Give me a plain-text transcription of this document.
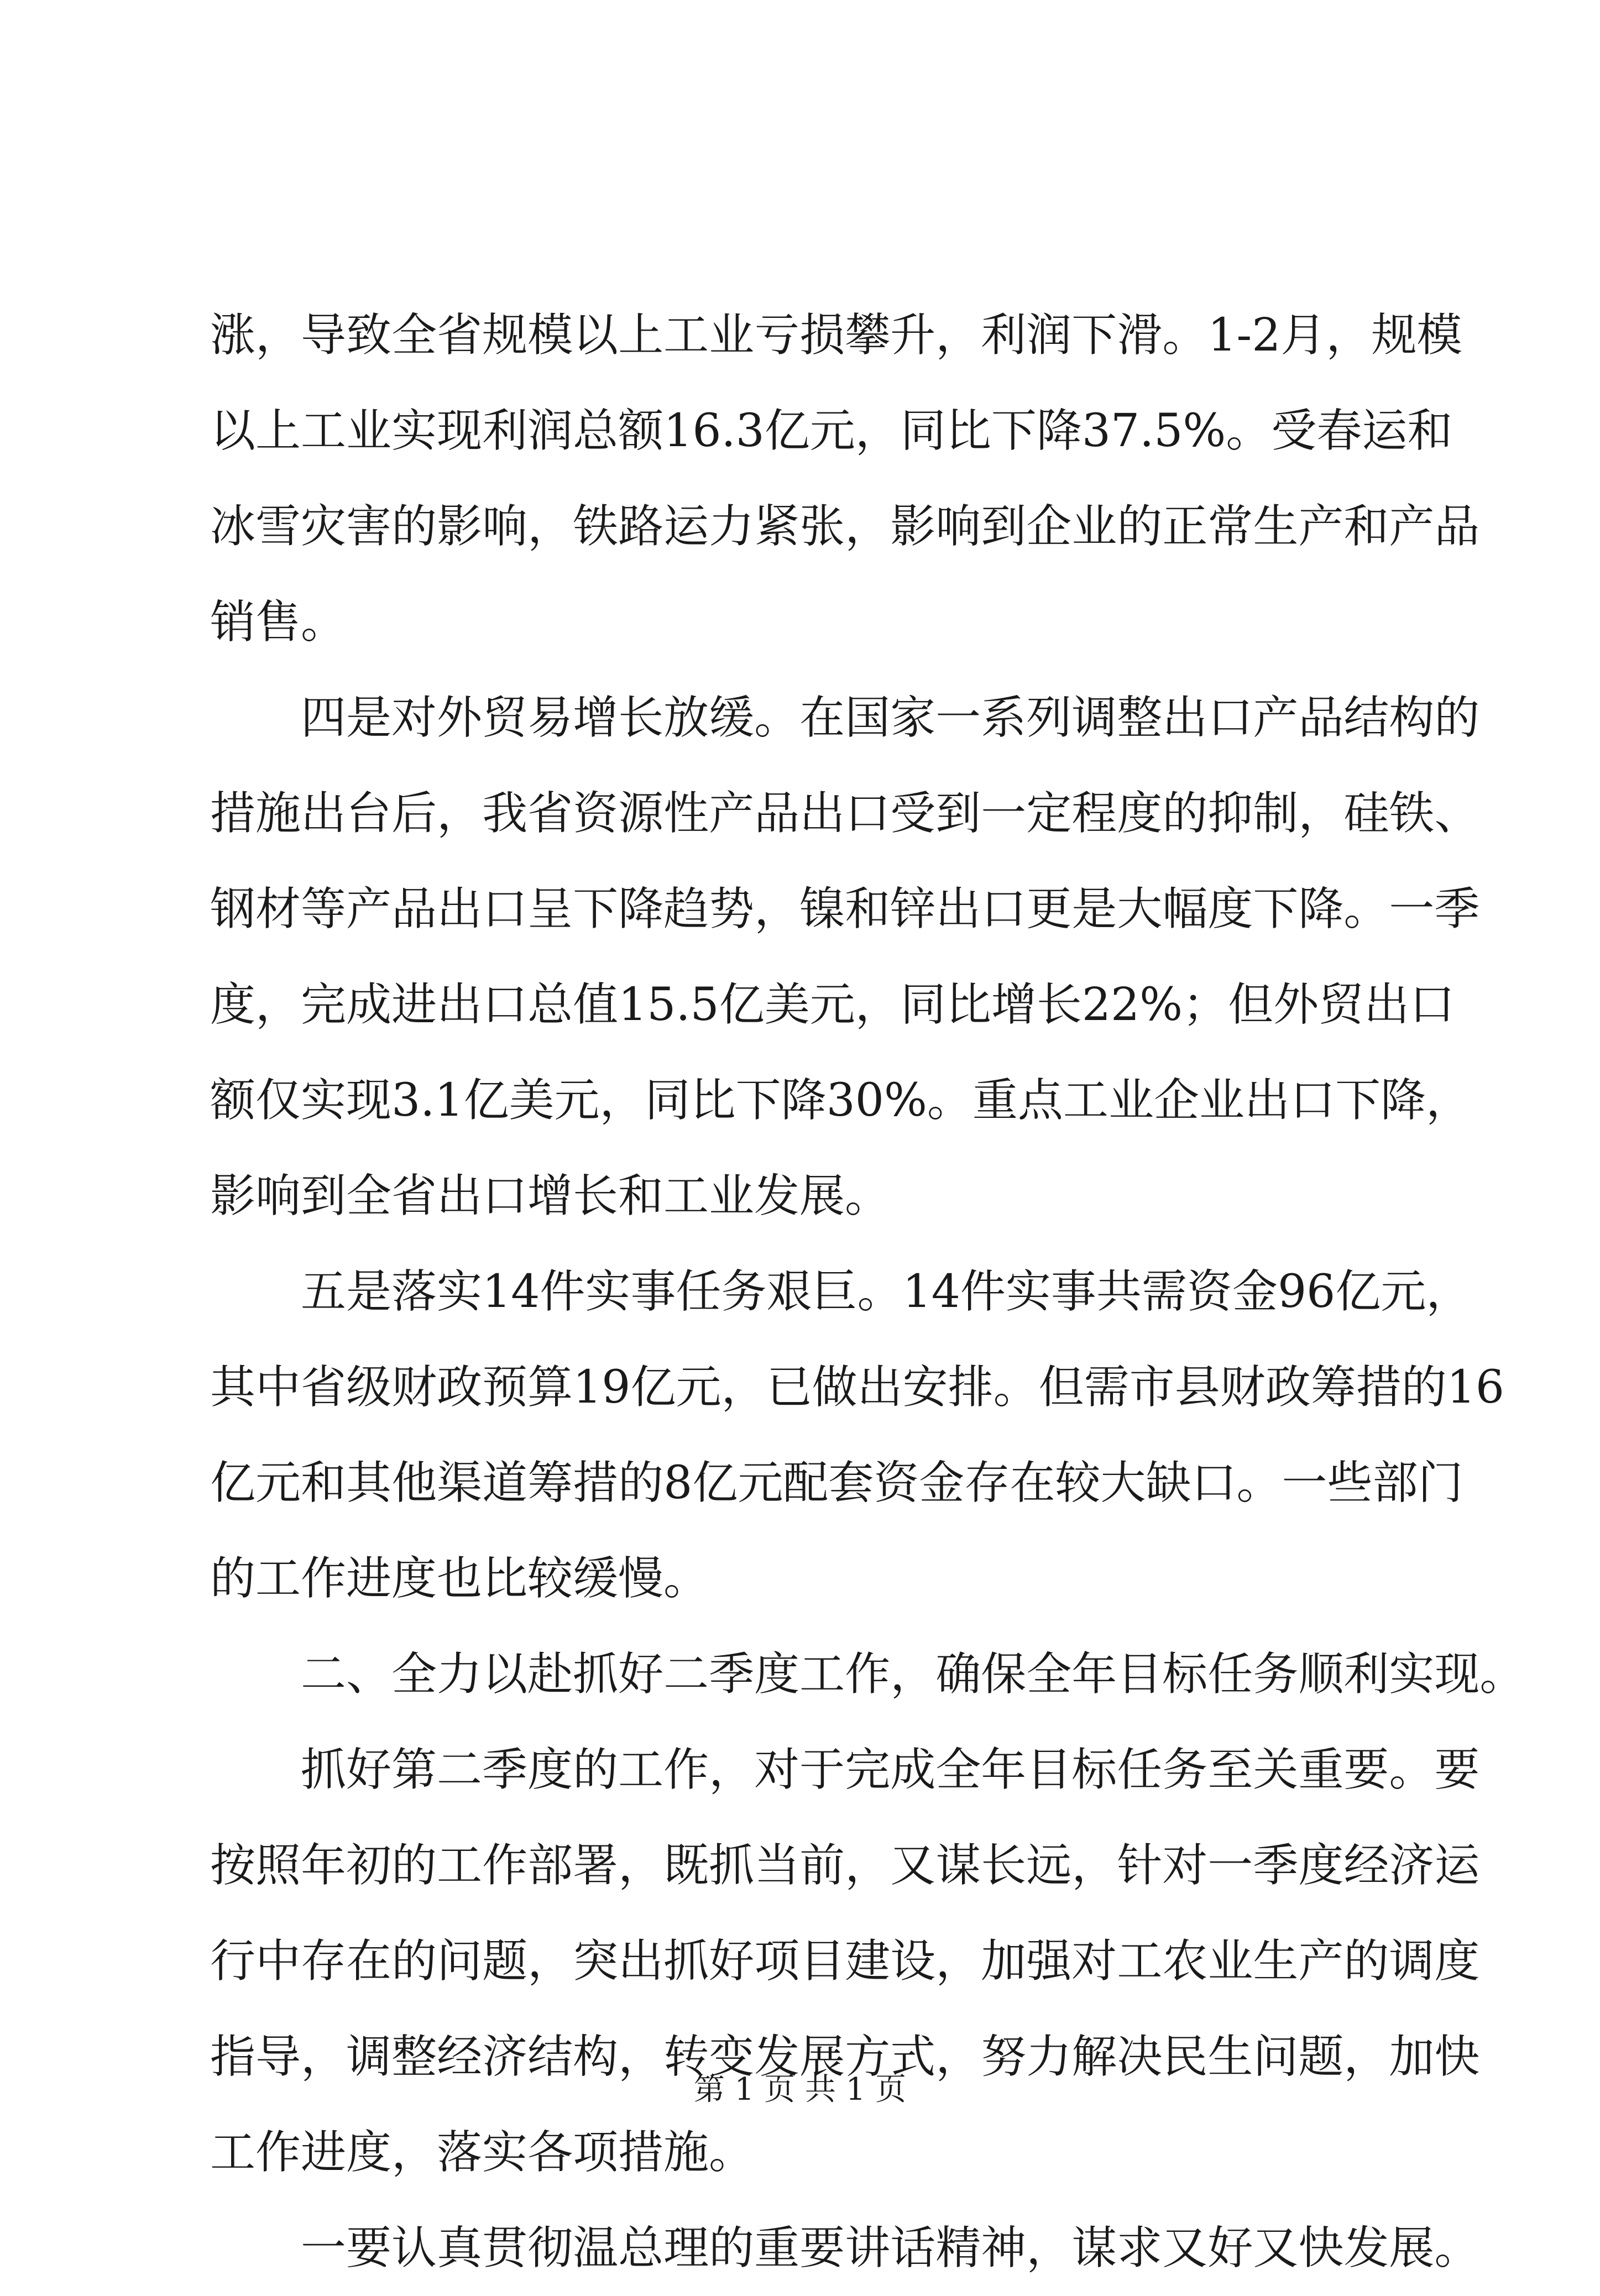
涨 ， 导 致 全 省 规 模 以 上 工 业 亏 损 攀 升 ， 利 润 下 滑 。 1-2 月 ， 规 模
以 上 工 业 实 现 利 润 总 额 16.3 亿 元 ， 同 比 下 降 37.5% 。 受 春 运 和
冰 雪 灾 害 的 影 响 ， 铁 路 运 力 紧 张 ， 影 响 到 企 业 的 正 常 生 产 和 产 品
销售。
四 是 对 外 贸 易 增 长 放 缓 。 在 国 家 一 系 列 调 整 出 口 产 品 结 构 的
措 施 出 台 后 ， 我 省 资 源 性 产 品 出 口 受 到 一 定 程 度 的 抑 制 ， 硅 铁 、
钢 材 等 产 品 出 口 呈 下 降 趋 势 ， 镍 和 锌 出 口 更 是 大 幅 度 下 降 。 一 季
度 ， 完 成 进 出 口 总 值 15.5 亿 美 元 ， 同 比 增 长 22% ； 但 外 贸 出 口
额 仅 实 现 3.1 亿 美 元 ， 同 比 下 降 30% 。 重 点 工 业 企 业 出 口 下 降 ，
影响到全省出口增长和工业发展。
五 是 落 实 14 件 实 事 任 务 艰 巨 。 14 件 实 事 共 需 资 金 96 亿 元 ，
其 中 省 级 财 政 预 算 19 亿 元 ， 已 做 出 安 排 。 但 需 市 县 财 政 筹 措 的 16
亿 元 和 其 他 渠 道 筹 措 的 8 亿 元 配 套 资 金 存 在 较 大 缺 口 。 一 些 部 门
的工作进度也比较缓慢。
二 、 全 力 以 赴 抓 好 二 季 度 工 作 ， 确 保 全 年 目 标 任 务 顺 利 实 现 。
抓 好 第 二 季 度 的 工 作 ， 对 于 完 成 全 年 目 标 任 务 至 关 重 要 。 要
按 照 年 初 的 工 作 部 署 ， 既 抓 当 前 ， 又 谋 长 远 ， 针 对 一 季 度 经 济 运
行 中 存 在 的 问 题 ， 突 出 抓 好 项 目 建 设 ， 加 强 对 工 农 业 生 产 的 调 度
指 导 ， 调 整 经 济 结 构 ， 转 变 发 展 方 式 ， 努 力 解 决 民 生 问 题 ， 加 快
工作进度，落实各项措施。
一 要 认 真 贯 彻 温 总 理 的 重 要 讲 话 精 神 ， 谋 求 又 好 又 快 发 展 。
第 1 页 共 1 页
